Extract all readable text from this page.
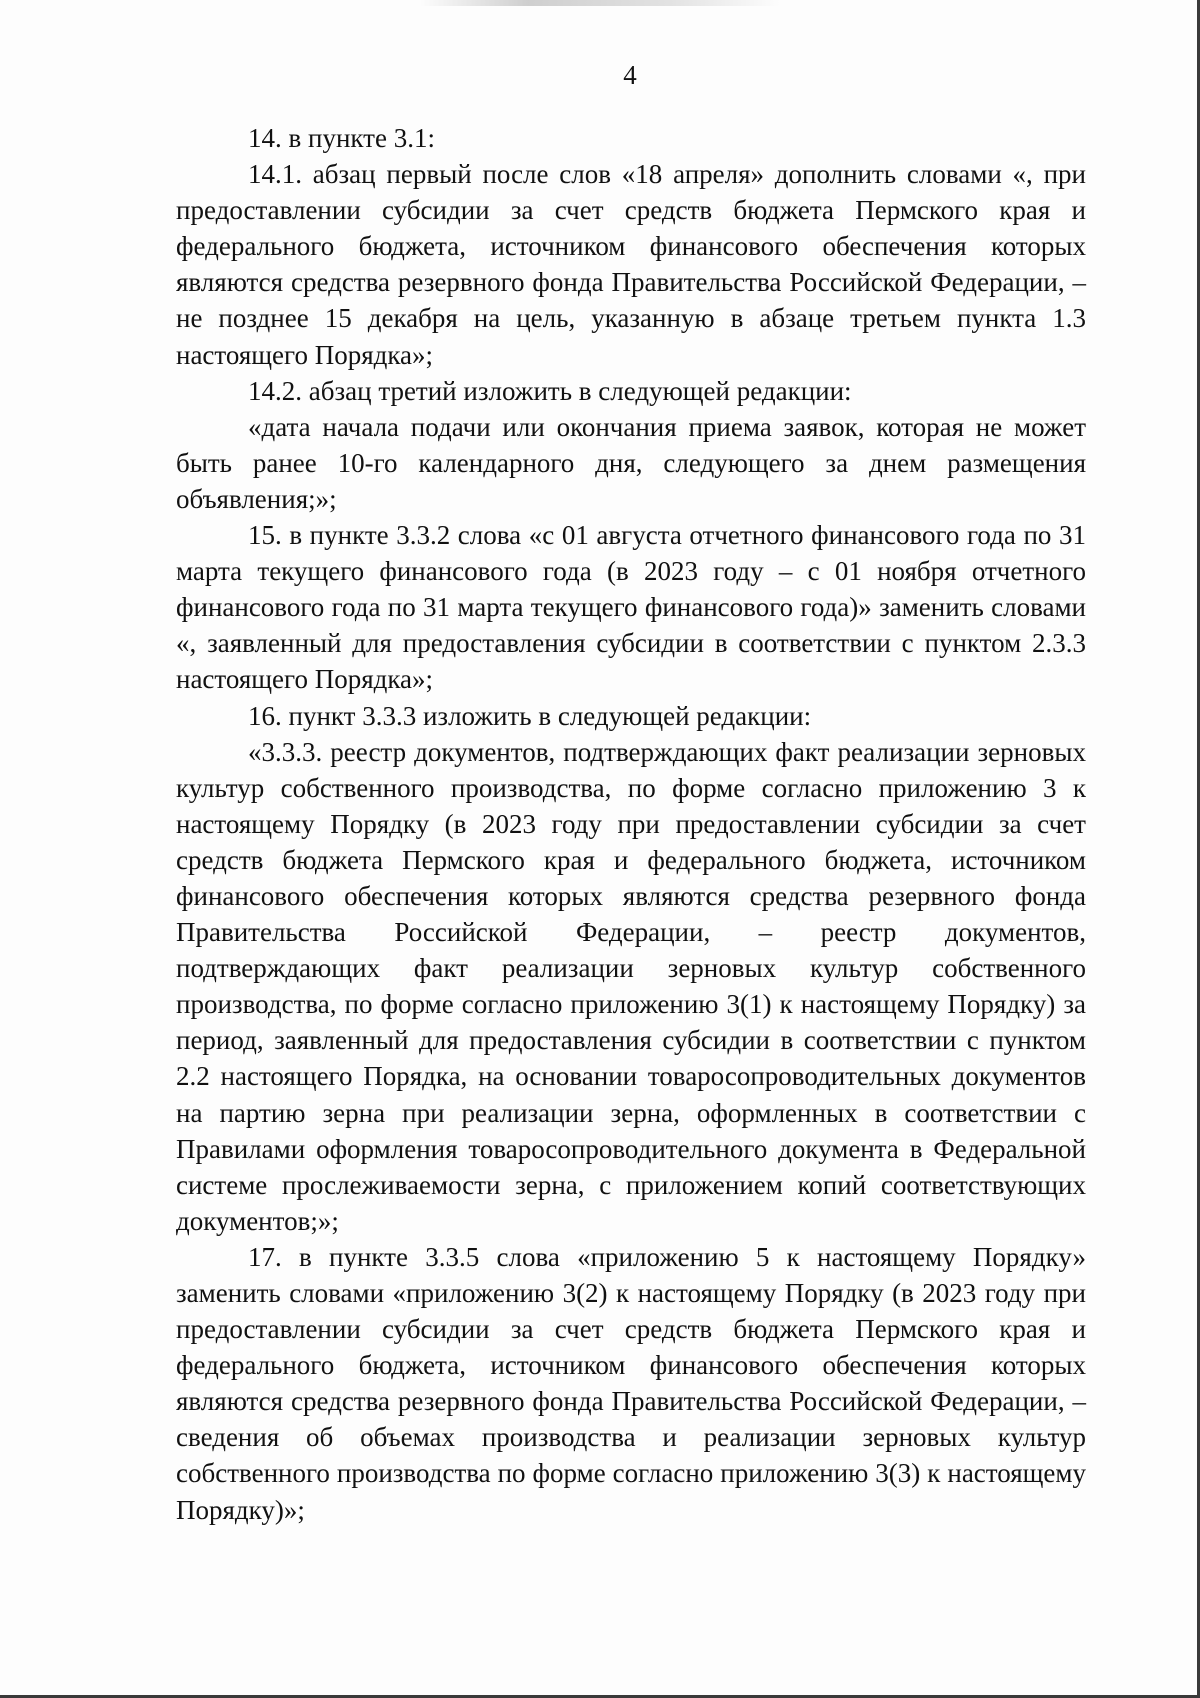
4

14. в пункте 3.1:

14.1. абзац первый после слов «18 апреля» дополнить словами «, при предоставлении субсидии за счет средств бюджета Пермского края и федерального бюджета, источником финансового обеспечения которых являются средства резервного фонда Правительства Российской Федерации, – не позднее 15 декабря на цель, указанную в абзаце третьем пункта 1.3 настоящего Порядка»;

14.2. абзац третий изложить в следующей редакции:

«дата начала подачи или окончания приема заявок, которая не может быть ранее 10-го календарного дня, следующего за днем размещения объявления;»;

15. в пункте 3.3.2 слова «с 01 августа отчетного финансового года по 31 марта текущего финансового года (в 2023 году – с 01 ноября отчетного финансового года по 31 марта текущего финансового года)» заменить словами «, заявленный для предоставления субсидии в соответствии с пунктом 2.3.3 настоящего Порядка»;

16. пункт 3.3.3 изложить в следующей редакции:

«3.3.3. реестр документов, подтверждающих факт реализации зерновых культур собственного производства, по форме согласно приложению 3 к настоящему Порядку (в 2023 году при предоставлении субсидии за счет средств бюджета Пермского края и федерального бюджета, источником финансового обеспечения которых являются средства резервного фонда Правительства Российской Федерации, – реестр документов, подтверждающих факт реализации зерновых культур собственного производства, по форме согласно приложению 3(1) к настоящему Порядку) за период, заявленный для предоставления субсидии в соответствии с пунктом 2.2 настоящего Порядка, на основании товаросопроводительных документов на партию зерна при реализации зерна, оформленных в соответствии с Правилами оформления товаросопроводительного документа в Федеральной системе прослеживаемости зерна, с приложением копий соответствующих документов;»;

17. в пункте 3.3.5 слова «приложению 5 к настоящему Порядку» заменить словами «приложению 3(2) к настоящему Порядку (в 2023 году при предоставлении субсидии за счет средств бюджета Пермского края и федерального бюджета, источником финансового обеспечения которых являются средства резервного фонда Правительства Российской Федерации, – сведения об объемах производства и реализации зерновых культур собственного производства по форме согласно приложению 3(3) к настоящему Порядку)»;
